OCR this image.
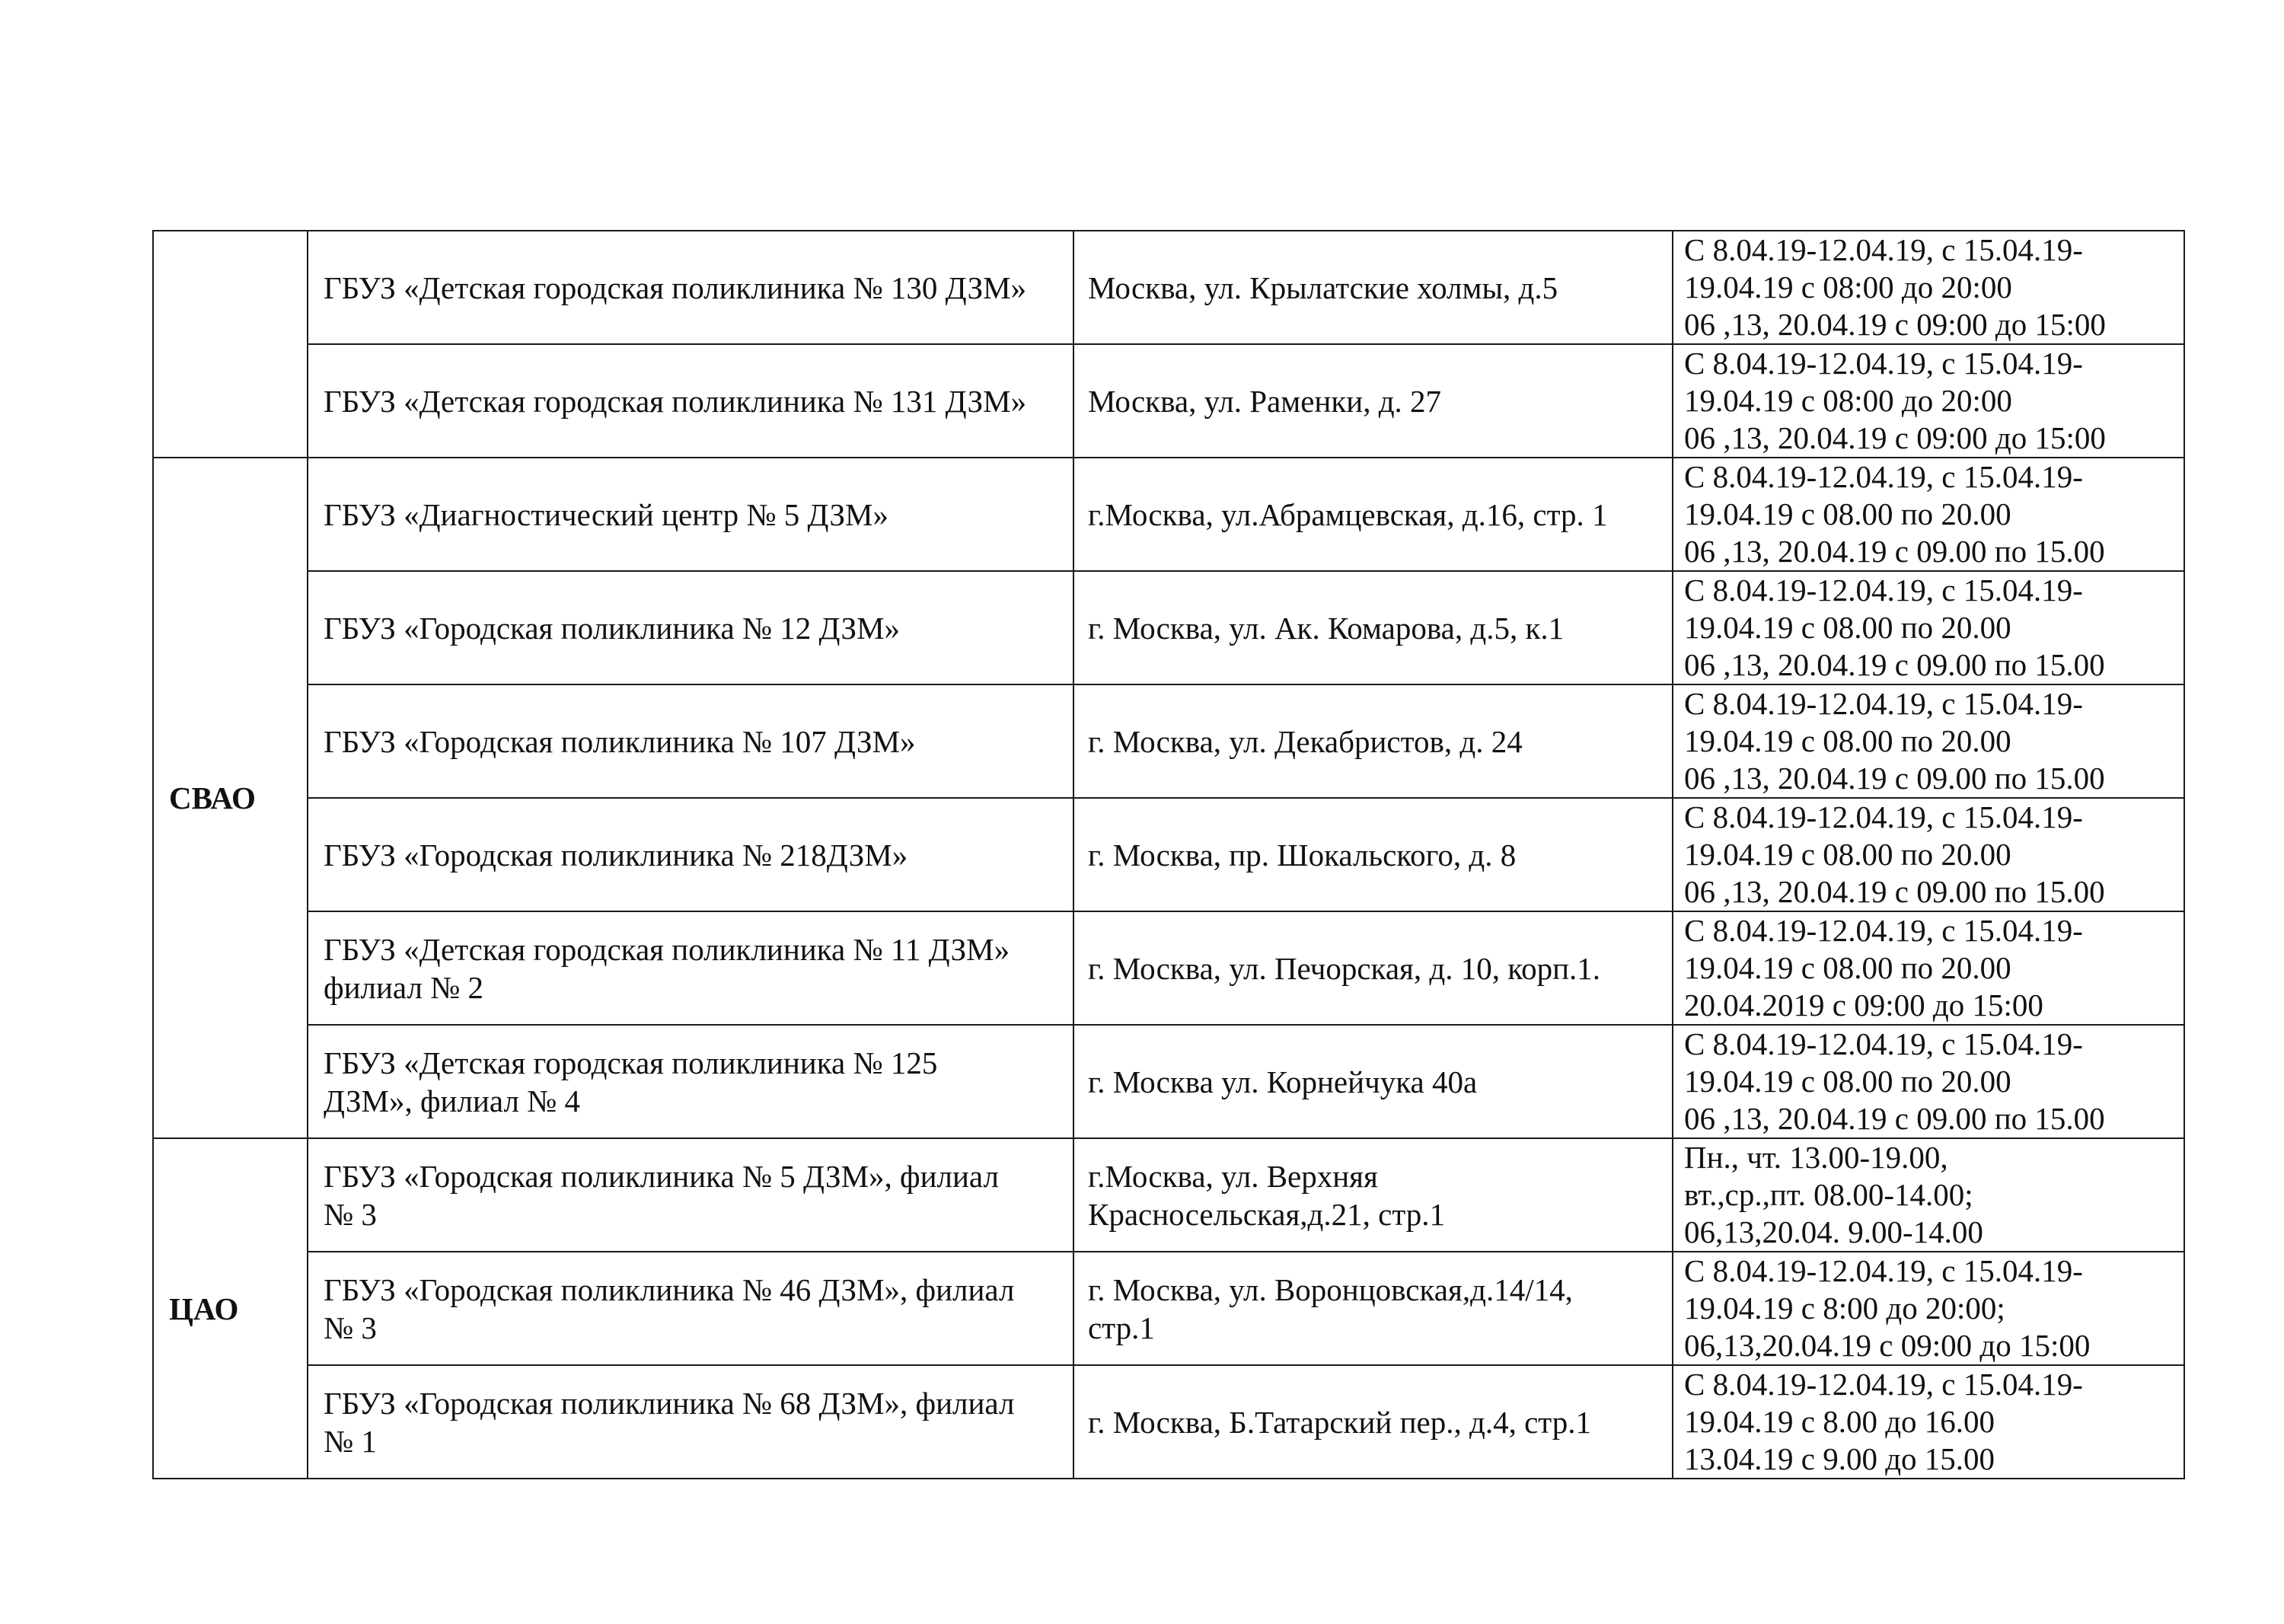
	ГБУЗ «Детская городская поликлиника № 130 ДЗМ»	Москва, ул. Крылатские холмы, д.5	С 8.04.19-12.04.19, с 15.04.19-
19.04.19 с 08:00 до 20:00
06 ,13, 20.04.19 с 09:00 до 15:00

	ГБУЗ «Детская городская поликлиника № 131 ДЗМ»	Москва, ул. Раменки, д. 27	С 8.04.19-12.04.19, с 15.04.19-
19.04.19 с 08:00 до 20:00
06 ,13, 20.04.19 с 09:00 до 15:00

СВАО	ГБУЗ «Диагностический центр № 5 ДЗМ»	г.Москва, ул.Абрамцевская, д.16, стр. 1	С 8.04.19-12.04.19, с 15.04.19-
19.04.19 с 08.00 по 20.00
06 ,13, 20.04.19 с 09.00 по 15.00

	ГБУЗ «Городская поликлиника № 12 ДЗМ»	г. Москва, ул. Ак. Комарова, д.5, к.1	С 8.04.19-12.04.19, с 15.04.19-
19.04.19 с 08.00 по 20.00
06 ,13, 20.04.19 с 09.00 по 15.00

	ГБУЗ «Городская поликлиника № 107 ДЗМ»	г. Москва, ул. Декабристов, д. 24	С 8.04.19-12.04.19, с 15.04.19-
19.04.19 с 08.00 по 20.00
06 ,13, 20.04.19 с 09.00 по 15.00

	ГБУЗ «Городская поликлиника № 218ДЗМ»	г. Москва, пр. Шокальского, д. 8	С 8.04.19-12.04.19, с 15.04.19-
19.04.19 с 08.00 по 20.00
06 ,13, 20.04.19 с 09.00 по 15.00

	ГБУЗ «Детская городская поликлиника № 11 ДЗМ»
филиал № 2	г. Москва, ул. Печорская, д. 10, корп.1.	С 8.04.19-12.04.19, с 15.04.19-
19.04.19 с 08.00 по 20.00
20.04.2019 с 09:00 до 15:00

	ГБУЗ «Детская городская поликлиника № 125
ДЗМ», филиал № 4	г. Москва ул. Корнейчука 40а	С 8.04.19-12.04.19, с 15.04.19-
19.04.19 с 08.00 по 20.00
06 ,13, 20.04.19 с 09.00 по 15.00

ЦАО	ГБУЗ «Городская поликлиника № 5 ДЗМ», филиал
№ 3	г.Москва, ул. Верхняя
Красносельская,д.21, стр.1	Пн., чт. 13.00-19.00,
вт.,ср.,пт. 08.00-14.00;
06,13,20.04. 9.00-14.00

	ГБУЗ «Городская поликлиника № 46 ДЗМ», филиал
№ 3	г. Москва, ул. Воронцовская,д.14/14,
стр.1	С 8.04.19-12.04.19, с 15.04.19-
19.04.19 с 8:00 до 20:00;
06,13,20.04.19 с 09:00 до 15:00

	ГБУЗ «Городская поликлиника № 68 ДЗМ», филиал
№ 1	г. Москва, Б.Татарский пер., д.4, стр.1	С 8.04.19-12.04.19, с 15.04.19-
19.04.19 с 8.00 до 16.00
13.04.19 с 9.00 до 15.00
